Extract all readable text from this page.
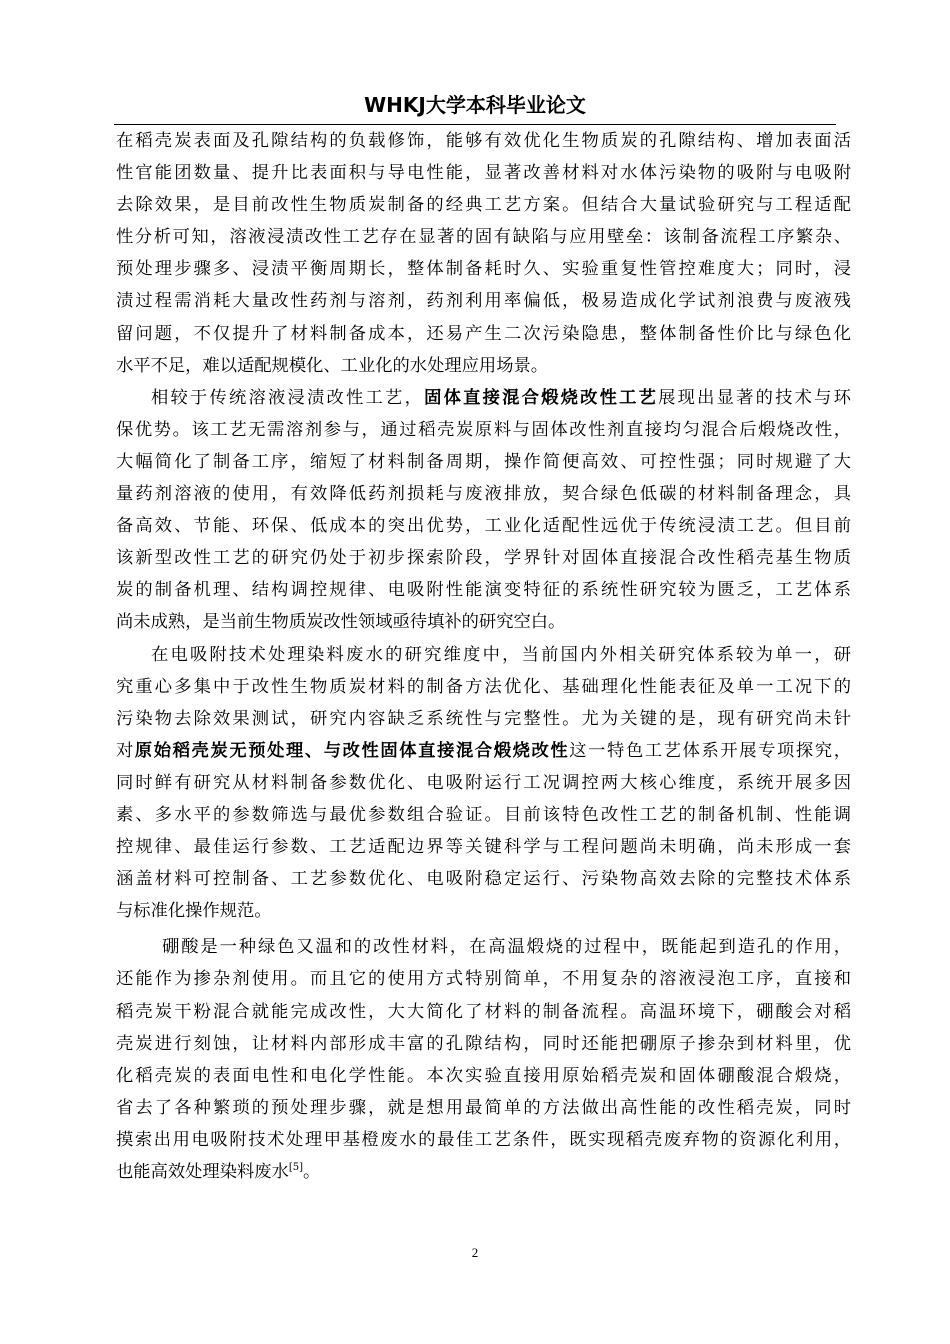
WHKJ大学本科毕业论文
在稻壳炭表面及孔隙结构的负载修饰，能够有效优化生物质炭的孔隙结构、增加表面活
性官能团数量、提升比表面积与导电性能，显著改善材料对水体污染物的吸附与电吸附
去除效果，是目前改性生物质炭制备的经典工艺方案。但结合大量试验研究与工程适配
性分析可知，溶液浸渍改性工艺存在显著的固有缺陷与应用壁垒：该制备流程工序繁杂、
预处理步骤多、浸渍平衡周期长，整体制备耗时久、实验重复性管控难度大；同时，浸
渍过程需消耗大量改性药剂与溶剂，药剂利用率偏低，极易造成化学试剂浪费与废液残
留问题，不仅提升了材料制备成本，还易产生二次污染隐患，整体制备性价比与绿色化
水平不足，难以适配规模化、工业化的水处理应用场景。
相较于传统溶液浸渍改性工艺，固体直接混合煅烧改性工艺展现出显著的技术与环
保优势。该工艺无需溶剂参与，通过稻壳炭原料与固体改性剂直接均匀混合后煅烧改性，
大幅简化了制备工序，缩短了材料制备周期，操作简便高效、可控性强；同时规避了大
量药剂溶液的使用，有效降低药剂损耗与废液排放，契合绿色低碳的材料制备理念，具
备高效、节能、环保、低成本的突出优势，工业化适配性远优于传统浸渍工艺。但目前
该新型改性工艺的研究仍处于初步探索阶段，学界针对固体直接混合改性稻壳基生物质
炭的制备机理、结构调控规律、电吸附性能演变特征的系统性研究较为匮乏，工艺体系
尚未成熟，是当前生物质炭改性领域亟待填补的研究空白。
在电吸附技术处理染料废水的研究维度中，当前国内外相关研究体系较为单一，研
究重心多集中于改性生物质炭材料的制备方法优化、基础理化性能表征及单一工况下的
污染物去除效果测试，研究内容缺乏系统性与完整性。尤为关键的是，现有研究尚未针
对原始稻壳炭无预处理、与改性固体直接混合煅烧改性这一特色工艺体系开展专项探究，
同时鲜有研究从材料制备参数优化、电吸附运行工况调控两大核心维度，系统开展多因
素、多水平的参数筛选与最优参数组合验证。目前该特色改性工艺的制备机制、性能调
控规律、最佳运行参数、工艺适配边界等关键科学与工程问题尚未明确，尚未形成一套
涵盖材料可控制备、工艺参数优化、电吸附稳定运行、污染物高效去除的完整技术体系
与标准化操作规范。
硼酸是一种绿色又温和的改性材料，在高温煅烧的过程中，既能起到造孔的作用，
还能作为掺杂剂使用。而且它的使用方式特别简单，不用复杂的溶液浸泡工序，直接和
稻壳炭干粉混合就能完成改性，大大简化了材料的制备流程。高温环境下，硼酸会对稻
壳炭进行刻蚀，让材料内部形成丰富的孔隙结构，同时还能把硼原子掺杂到材料里，优
化稻壳炭的表面电性和电化学性能。本次实验直接用原始稻壳炭和固体硼酸混合煅烧，
省去了各种繁琐的预处理步骤，就是想用最简单的方法做出高性能的改性稻壳炭，同时
摸索出用电吸附技术处理甲基橙废水的最佳工艺条件，既实现稻壳废弃物的资源化利用，
也能高效处理染料废水[5]。
2
